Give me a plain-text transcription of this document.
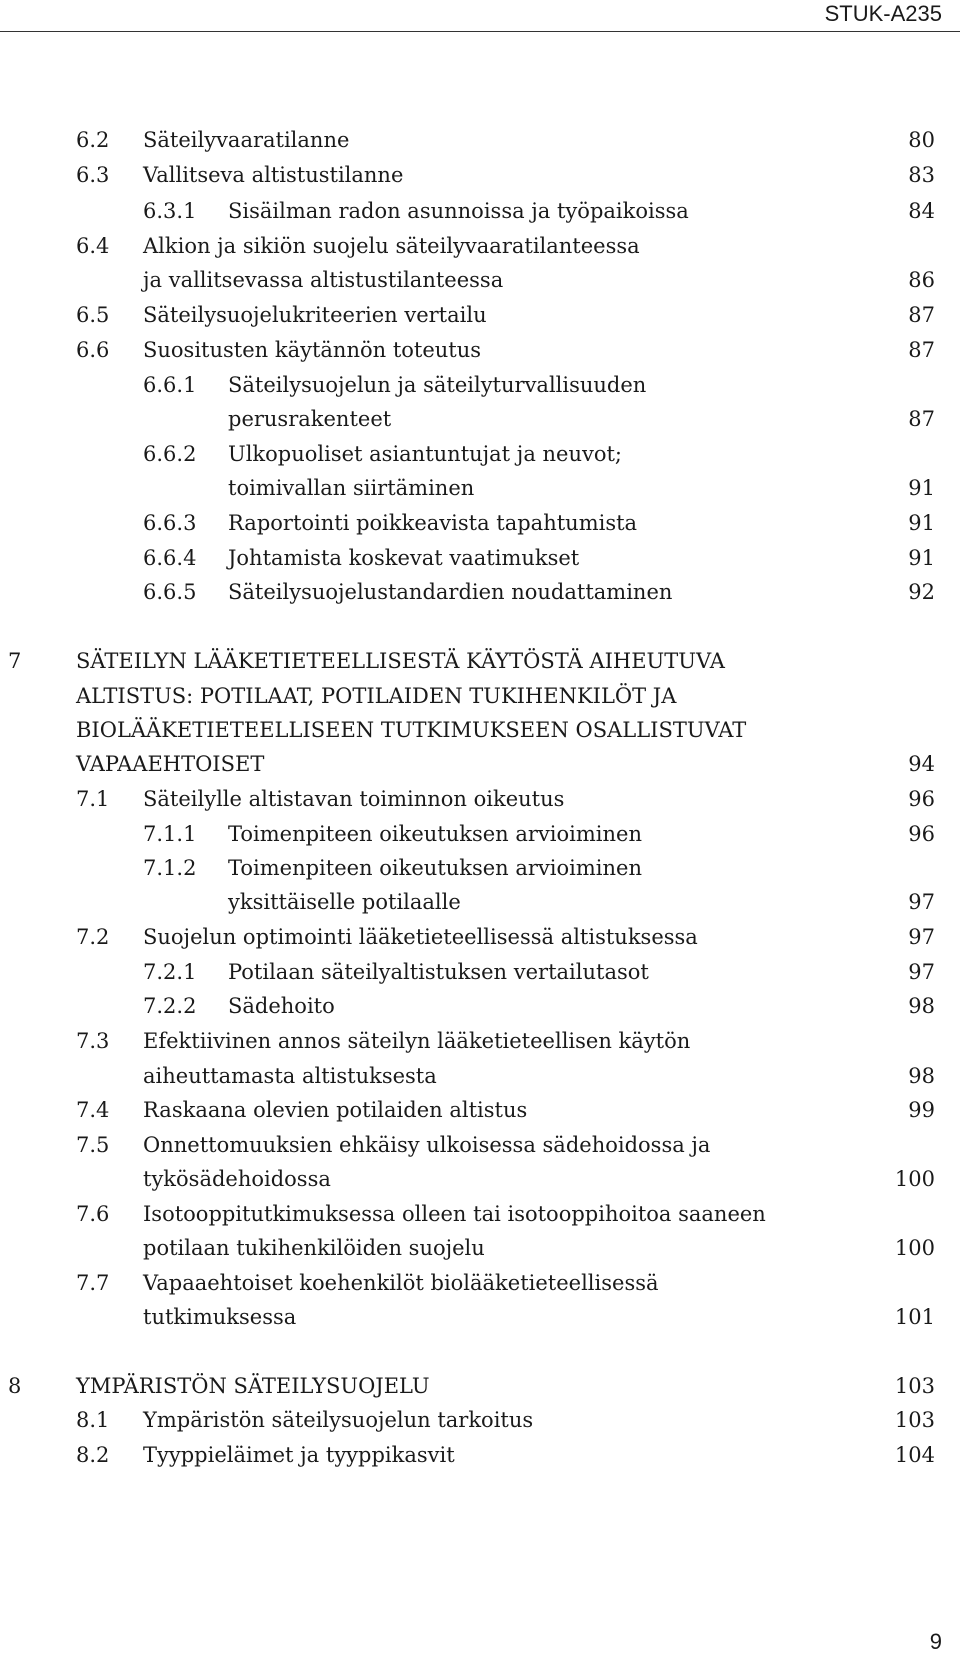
STUK-A235
6.2 Säteilyvaaratilanne	80
6.3 Vallitseva altistustilanne	83
6.3.1 Sisäilman radon asunnoissa ja työpaikoissa	84
6.4 Alkion ja sikiön suojelu säteilyvaaratilanteessa
ja vallitsevassa altistustilanteessa	86
6.5 Säteilysuojelukriteerien vertailu	87
6.6 Suositusten käytännön toteutus	87
6.6.1 Säteilysuojelun ja säteilyturvallisuuden
perusrakenteet	87
6.6.2 Ulkopuoliset asiantuntujat ja neuvot;
toimivallan siirtäminen	91
6.6.3 Raportointi poikkeavista tapahtumista	91
6.6.4 Johtamista koskevat vaatimukset	91
6.6.5 Säteilysuojelustandardien noudattaminen	92
7	SÄTEILYN LÄÄKETIETEELLISESTÄ KÄYTÖSTÄ AIHEUTUVA
ALTISTUS: POTILAAT, POTILAIDEN TUKIHENKILÖT JA
BIOLÄÄKETIETEELLISEEN TUTKIMUKSEEN OSALLISTUVAT
VAPAAEHTOISET	94
7.1 Säteilylle altistavan toiminnon oikeutus	96
7.1.1 Toimenpiteen oikeutuksen arvioiminen	96
7.1.2 Toimenpiteen oikeutuksen arvioiminen
yksittäiselle potilaalle	97
7.2 Suojelun optimointi lääketieteellisessä altistuksessa	97
7.2.1 Potilaan säteilyaltistuksen vertailutasot	97
7.2.2 Sädehoito	98
7.3 Efektiivinen annos säteilyn lääketieteellisen käytön
aiheuttamasta altistuksesta	98
7.4 Raskaana olevien potilaiden altistus	99
7.5 Onnettomuuksien ehkäisy ulkoisessa sädehoidossa ja
tykösädehoidossa	100
7.6 Isotooppitutkimuksessa olleen tai isotooppihoitoa saaneen
potilaan tukihenkilöiden suojelu	100
7.7 Vapaaehtoiset koehenkilöt biolääketieteellisessä
tutkimuksessa	101
8	YMPÄRISTÖN SÄTEILYSUOJELU	103
8.1 Ympäristön säteilysuojelun tarkoitus	103
8.2 Tyyppieläimet ja tyyppikasvit	104
9
